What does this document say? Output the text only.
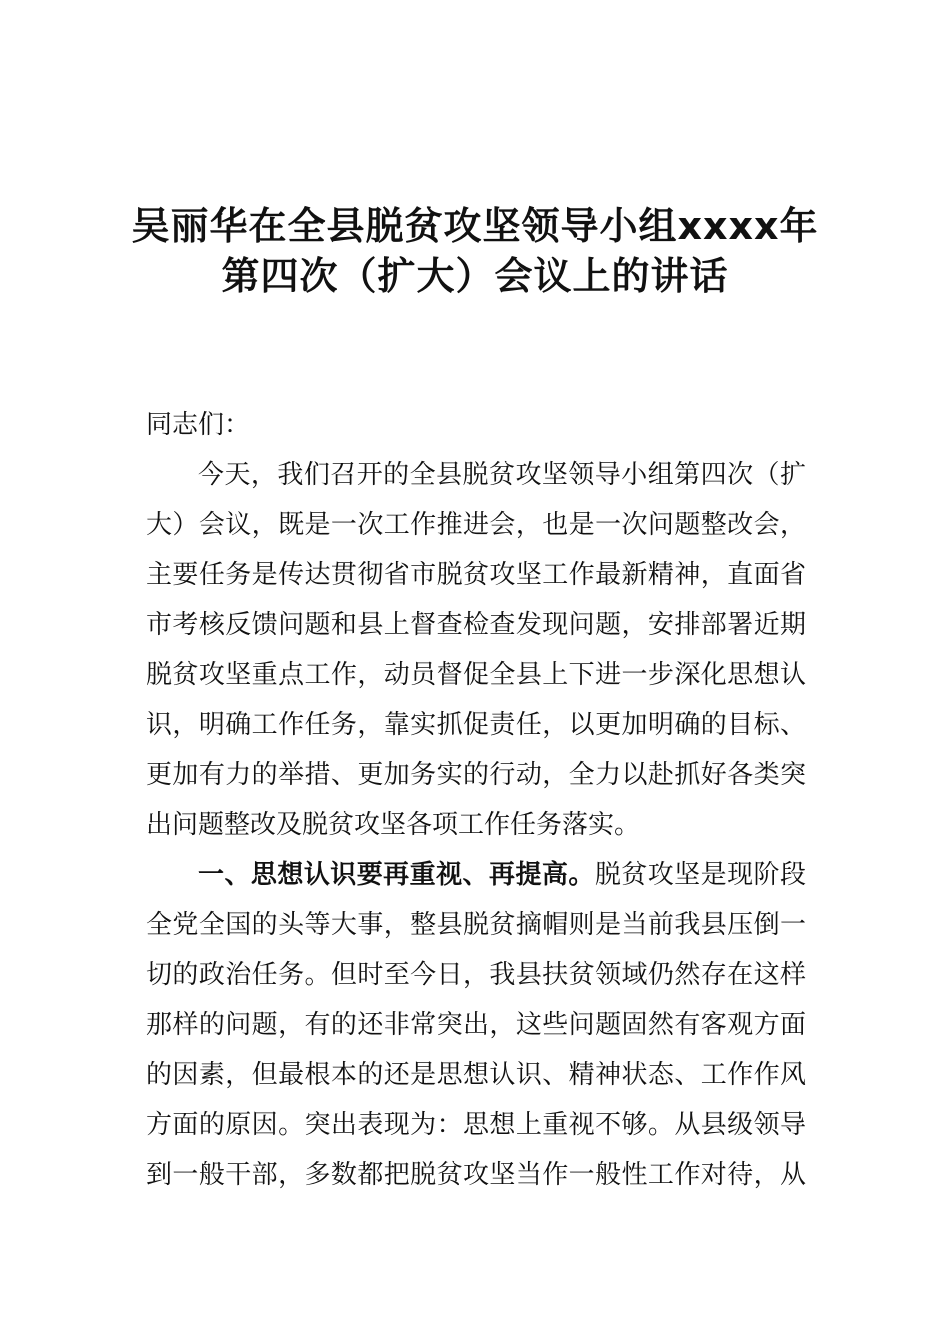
吴丽华在全县脱贫攻坚领导小组xxxx年
第四次（扩大）会议上的讲话
同志们：
今天，我们召开的全县脱贫攻坚领导小组第四次（扩
大）会议，既是一次工作推进会，也是一次问题整改会，
主要任务是传达贯彻省市脱贫攻坚工作最新精神，直面省
市考核反馈问题和县上督查检查发现问题，安排部署近期
脱贫攻坚重点工作，动员督促全县上下进一步深化思想认
识，明确工作任务，靠实抓促责任，以更加明确的目标、
更加有力的举措、更加务实的行动，全力以赴抓好各类突
出问题整改及脱贫攻坚各项工作任务落实。
一、思想认识要再重视、再提高。脱贫攻坚是现阶段
全党全国的头等大事，整县脱贫摘帽则是当前我县压倒一
切的政治任务。但时至今日，我县扶贫领域仍然存在这样
那样的问题，有的还非常突出，这些问题固然有客观方面
的因素，但最根本的还是思想认识、精神状态、工作作风
方面的原因。突出表现为：思想上重视不够。从县级领导
到一般干部，多数都把脱贫攻坚当作一般性工作对待，从
